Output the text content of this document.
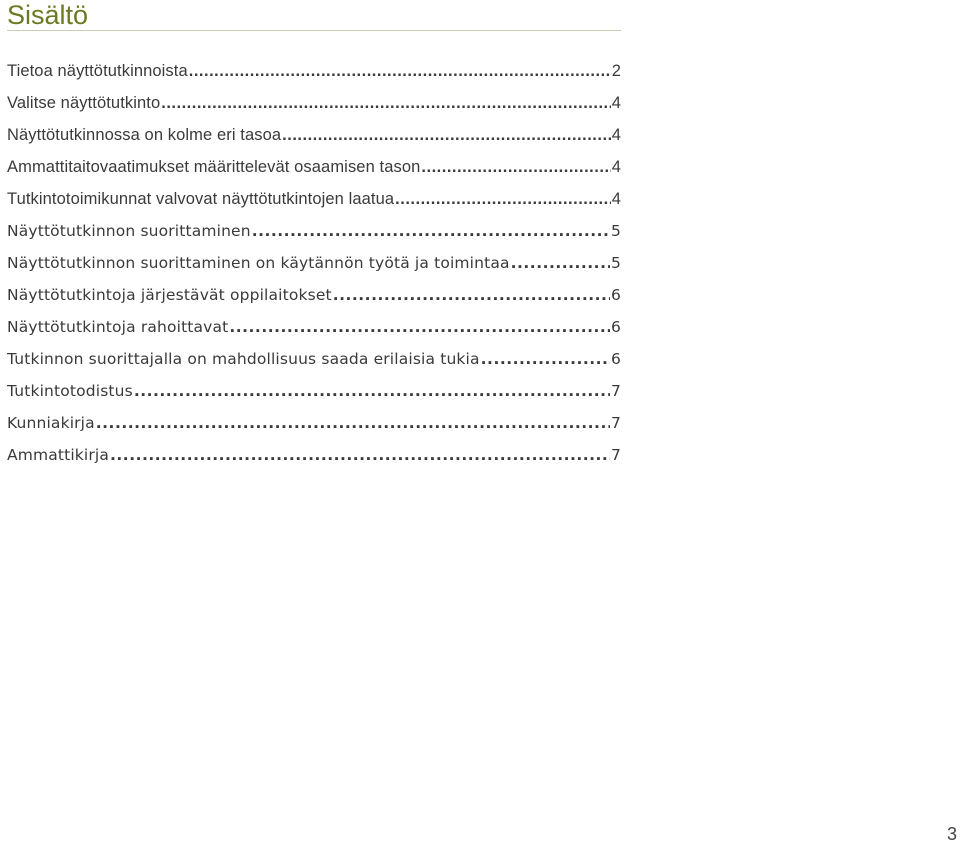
Sisältö
Tietoa näyttötutkinnoista .....	2
Valitse näyttötutkinto .....	4
Näyttötutkinnossa on kolme eri tasoa .....	4
Ammattitaitovaatimukset määrittelevät osaamisen tason .....	4
Tutkintotoimikunnat valvovat näyttötutkintojen laatua .....	4
Näyttötutkinnon suorittaminen .....	5
Näyttötutkinnon suorittaminen on käytännön työtä ja toimintaa .....	5
Näyttötutkintoja järjestävät oppilaitokset .....	6
Näyttötutkintoja rahoittavat .....	6
Tutkinnon suorittajalla on mahdollisuus saada erilaisia tukia .....	6
Tutkintotodistus .....	7
Kunniakirja .....	7
Ammattikirja .....	7
3
